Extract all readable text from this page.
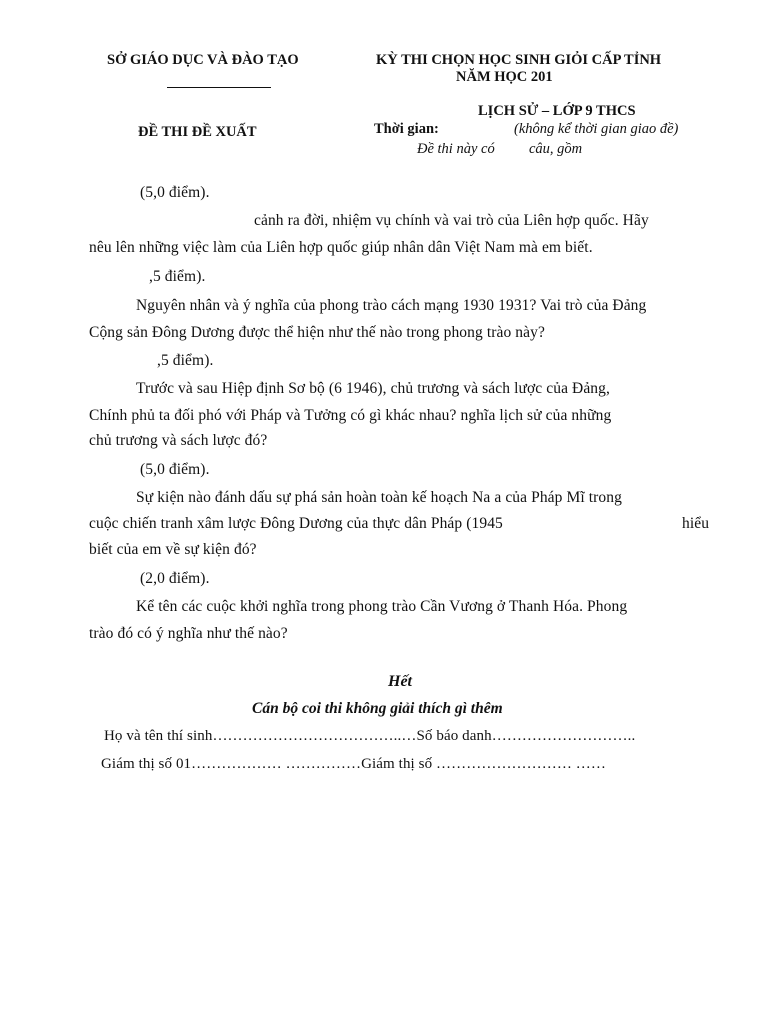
SỞ GIÁO DỤC VÀ ĐÀO TẠO
ĐỀ THI ĐỀ XUẤT
KỲ THI CHỌN HỌC SINH GIỎI CẤP TỈNH
NĂM HỌC 201
LỊCH SỬ – LỚP 9 THCS
Thời gian:	(không kể thời gian giao đề)
Đề thi này có câu, gồm
(5,0 điểm).
cảnh ra đời, nhiệm vụ chính và vai trò của Liên hợp quốc. Hãy
nêu lên những việc làm của Liên hợp quốc giúp nhân dân Việt Nam mà em biết.
,5 điểm).
Nguyên nhân và ý nghĩa của phong trào cách mạng 1930 1931? Vai trò của Đảng
Cộng sản Đông Dương được thể hiện như thế nào trong phong trào này?
,5 điểm).
Trước và sau Hiệp định Sơ bộ (6 1946), chủ trương và sách lược của Đảng,
Chính phủ ta đối phó với Pháp và Tưởng có gì khác nhau? nghĩa lịch sử của những
chủ trương và sách lược đó?
(5,0 điểm).
Sự kiện nào đánh dấu sự phá sản hoàn toàn kế hoạch Na a của Pháp Mĩ trong
cuộc chiến tranh xâm lược Đông Dương của thực dân Pháp (1945	hiểu
biết của em về sự kiện đó?
(2,0 điểm).
Kể tên các cuộc khởi nghĩa trong phong trào Cần Vương ở Thanh Hóa. Phong
trào đó có ý nghĩa như thế nào?
Hết
Cán bộ coi thi không giải thích gì thêm
Họ và tên thí sinh………………………………..…Số báo danh………………………..
Giám thị số 01……………… ……………Giám thị số ……………………… ……
